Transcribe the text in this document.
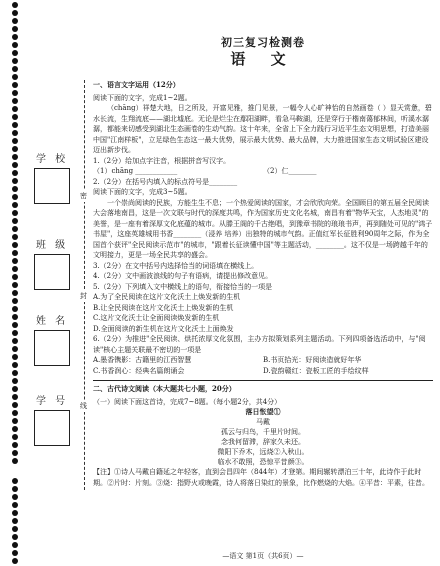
学 校
班 级
姓 名
学 号
密
封
线
初三复习检测卷
语 文

一、语言文字运用（12分）

阅读下面的文字，完成1~2题。

（chāng）祥楚大地，日之所及，开富见雅，推门见景，一幅令人心旷神怡的自然画卷（ ）显天赏惫，碧水长流，生翔流底——湖北墟底。无论是烂尘在鄢阳湖畔，看急马鞍湖，还是穿行于楷南蔼郁林间，听溪水潺潺，都能来切感受到湖北生态画卷的生动气韵。这十年来，全省上下全力践行习近平生态文明思想，打造美丽中国"江南样板"，立足绿色生态这一最大优势，展示最大优势、最大品牌，大力推进国家生态文明试验区建设迈出新步伐。

1.（2分）给加点字注音，根据拼音写汉字。

（1）chāng ____________	（2）仁________

2.（2分）在括号内填入的标点符号是________

阅读下面的文字，完成3~5题。

一个崇尚阅读的民族，方能生生不息；一个热爱阅读的国家，才会欣欣向荣。全国顾目的第五届全民阅读大会落地南昌，这是一次文联与时代的深度共鸣，作为国家历史文化名城，南昌有着"物华天宝，人杰地灵"的美誉，是一座有着深厚文化底蕴的城市。从滕王阁的千古绝唱，到豫章书院的琅琅书声，再到随处可见的"鸿子书屋"，这座英雄城用书香________（浸养 培养）出独特的城市气韵。正值红军长征胜利90周年之际，作为全国首个获评"全民阅读示范市"的城市，"跟着长征读懂中国"等主题活动，________。这不仅是一场跨越千年的文明接力，更是一场全民共享的盛会。

3.（2分）在文中括号内选择恰当的词语填在横线上。

4.（2分）文中画波浪线的句子有语病，请提出修改意见。

5.（2分）下列填入文中横线上的语句，衔接恰当的一项是

A.为了全民阅读在这片文化沃土上焕发新的生机

B.让全民阅读在这片文化沃土上焕发新的生机

C.这片文化沃土让全面阅读焕发新的生机

D.全面阅读的新生机在这片文化沃土上面焕发

6.（2分）为推进"全民阅读、烘托浓厚文化氛围，主办方拟策划系列主题活动。下列四项备选活动中，与"阅读"核心主题关联最不密切的一项是

A.墨香镌影：古籍里的江西智慧	B.书页拾光：好阅读造就好年华
C.书香润心：经典名篇朗诵会	D.瓷韵赣红：瓷板工匠的手绘纹样

二、古代诗文阅读（本大题共七小题，20分）

（一）阅读下面这首诗，完成7~8题。（每小题2分，共4分）

落日怅望①

马戴

孤云与归鸟，千里片时间。

念我何留滞，辞家久未还。

微阳下乔木，远烧②入秋山。

临水不敢照，恐惊平昔颜③。

【注】①诗人马戴自籍延之年轻客，直到会昌四年（844年）才登第。期间辗转漂泊三十年，此诗作于此时期。②片时：片刻。③烧：指野火或晚霞，诗人将落日染红的景象，比作燃烧的大焰。④平昔：平素，往昔。

—语文 第1页（共6页）—
